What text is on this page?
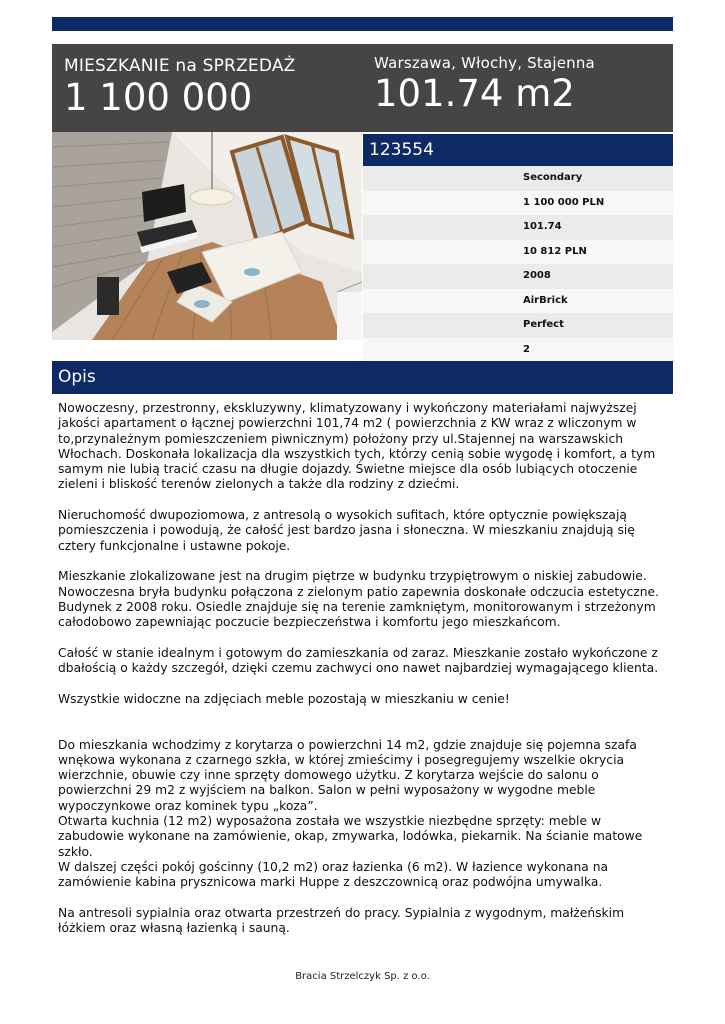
MIESZKANIE na SPRZEDAŻ
1 100 000
Warszawa, Włochy, Stajenna
101.74 m2
123554
Secondary
1 100 000 PLN
101.74
10 812 PLN
2008
AirBrick
Perfect
2
Opis

Nowoczesny, przestronny, ekskluzywny, klimatyzowany i wykończony materiałami najwyższej jakości apartament o łącznej powierzchni 101,74 m2 ( powierzchnia z KW wraz z wliczonym w to,przynależnym pomieszczeniem piwnicznym) położony przy ul.Stajennej na warszawskich Włochach. Doskonała lokalizacja dla wszystkich tych, którzy cenią sobie wygodę i komfort, a tym samym nie lubią tracić czasu na długie dojazdy. Świetne miejsce dla osób lubiących otoczenie zieleni i bliskość terenów zielonych a także dla rodziny z dziećmi.

Nieruchomość dwupoziomowa, z antresolą o wysokich sufitach, które optycznie powiększają pomieszczenia i powodują, że całość jest bardzo jasna i słoneczna. W mieszkaniu znajdują się cztery funkcjonalne i ustawne pokoje.

Mieszkanie zlokalizowane jest na drugim piętrze w budynku trzypiętrowym o niskiej zabudowie. Nowoczesna bryła budynku połączona z zielonym patio zapewnia doskonałe odczucia estetyczne. Budynek z 2008 roku. Osiedle znajduje się na terenie zamkniętym, monitorowanym i strzeżonym całodobowo zapewniając poczucie bezpieczeństwa i komfortu jego mieszkańcom.

Całość w stanie idealnym i gotowym do zamieszkania od zaraz. Mieszkanie zostało wykończone z dbałością o każdy szczegół, dzięki czemu zachwyci ono nawet najbardziej wymagającego klienta.

Wszystkie widoczne na zdjęciach meble pozostają w mieszkaniu w cenie!

Do mieszkania wchodzimy z korytarza o powierzchni 14 m2, gdzie znajduje się pojemna szafa wnękowa wykonana z czarnego szkła, w której zmieścimy i posegregujemy wszelkie okrycia wierzchnie, obuwie czy inne sprzęty domowego użytku. Z korytarza wejście do salonu o powierzchni 29 m2 z wyjściem na balkon. Salon w pełni wyposażony w wygodne meble wypoczynkowe oraz kominek typu „koza”.
Otwarta kuchnia (12 m2) wyposażona została we wszystkie niezbędne sprzęty: meble w zabudowie wykonane na zamówienie, okap, zmywarka, lodówka, piekarnik. Na ścianie matowe szkło.
W dalszej części pokój gościnny (10,2 m2) oraz łazienka (6 m2). W łazience wykonana na zamówienie kabina prysznicowa marki Huppe z deszczownicą oraz podwójna umywalka.

Na antresoli sypialnia oraz otwarta przestrzeń do pracy. Sypialnia z wygodnym, małżeńskim łóżkiem oraz własną łazienką i sauną.

Bracia Strzelczyk Sp. z o.o.
